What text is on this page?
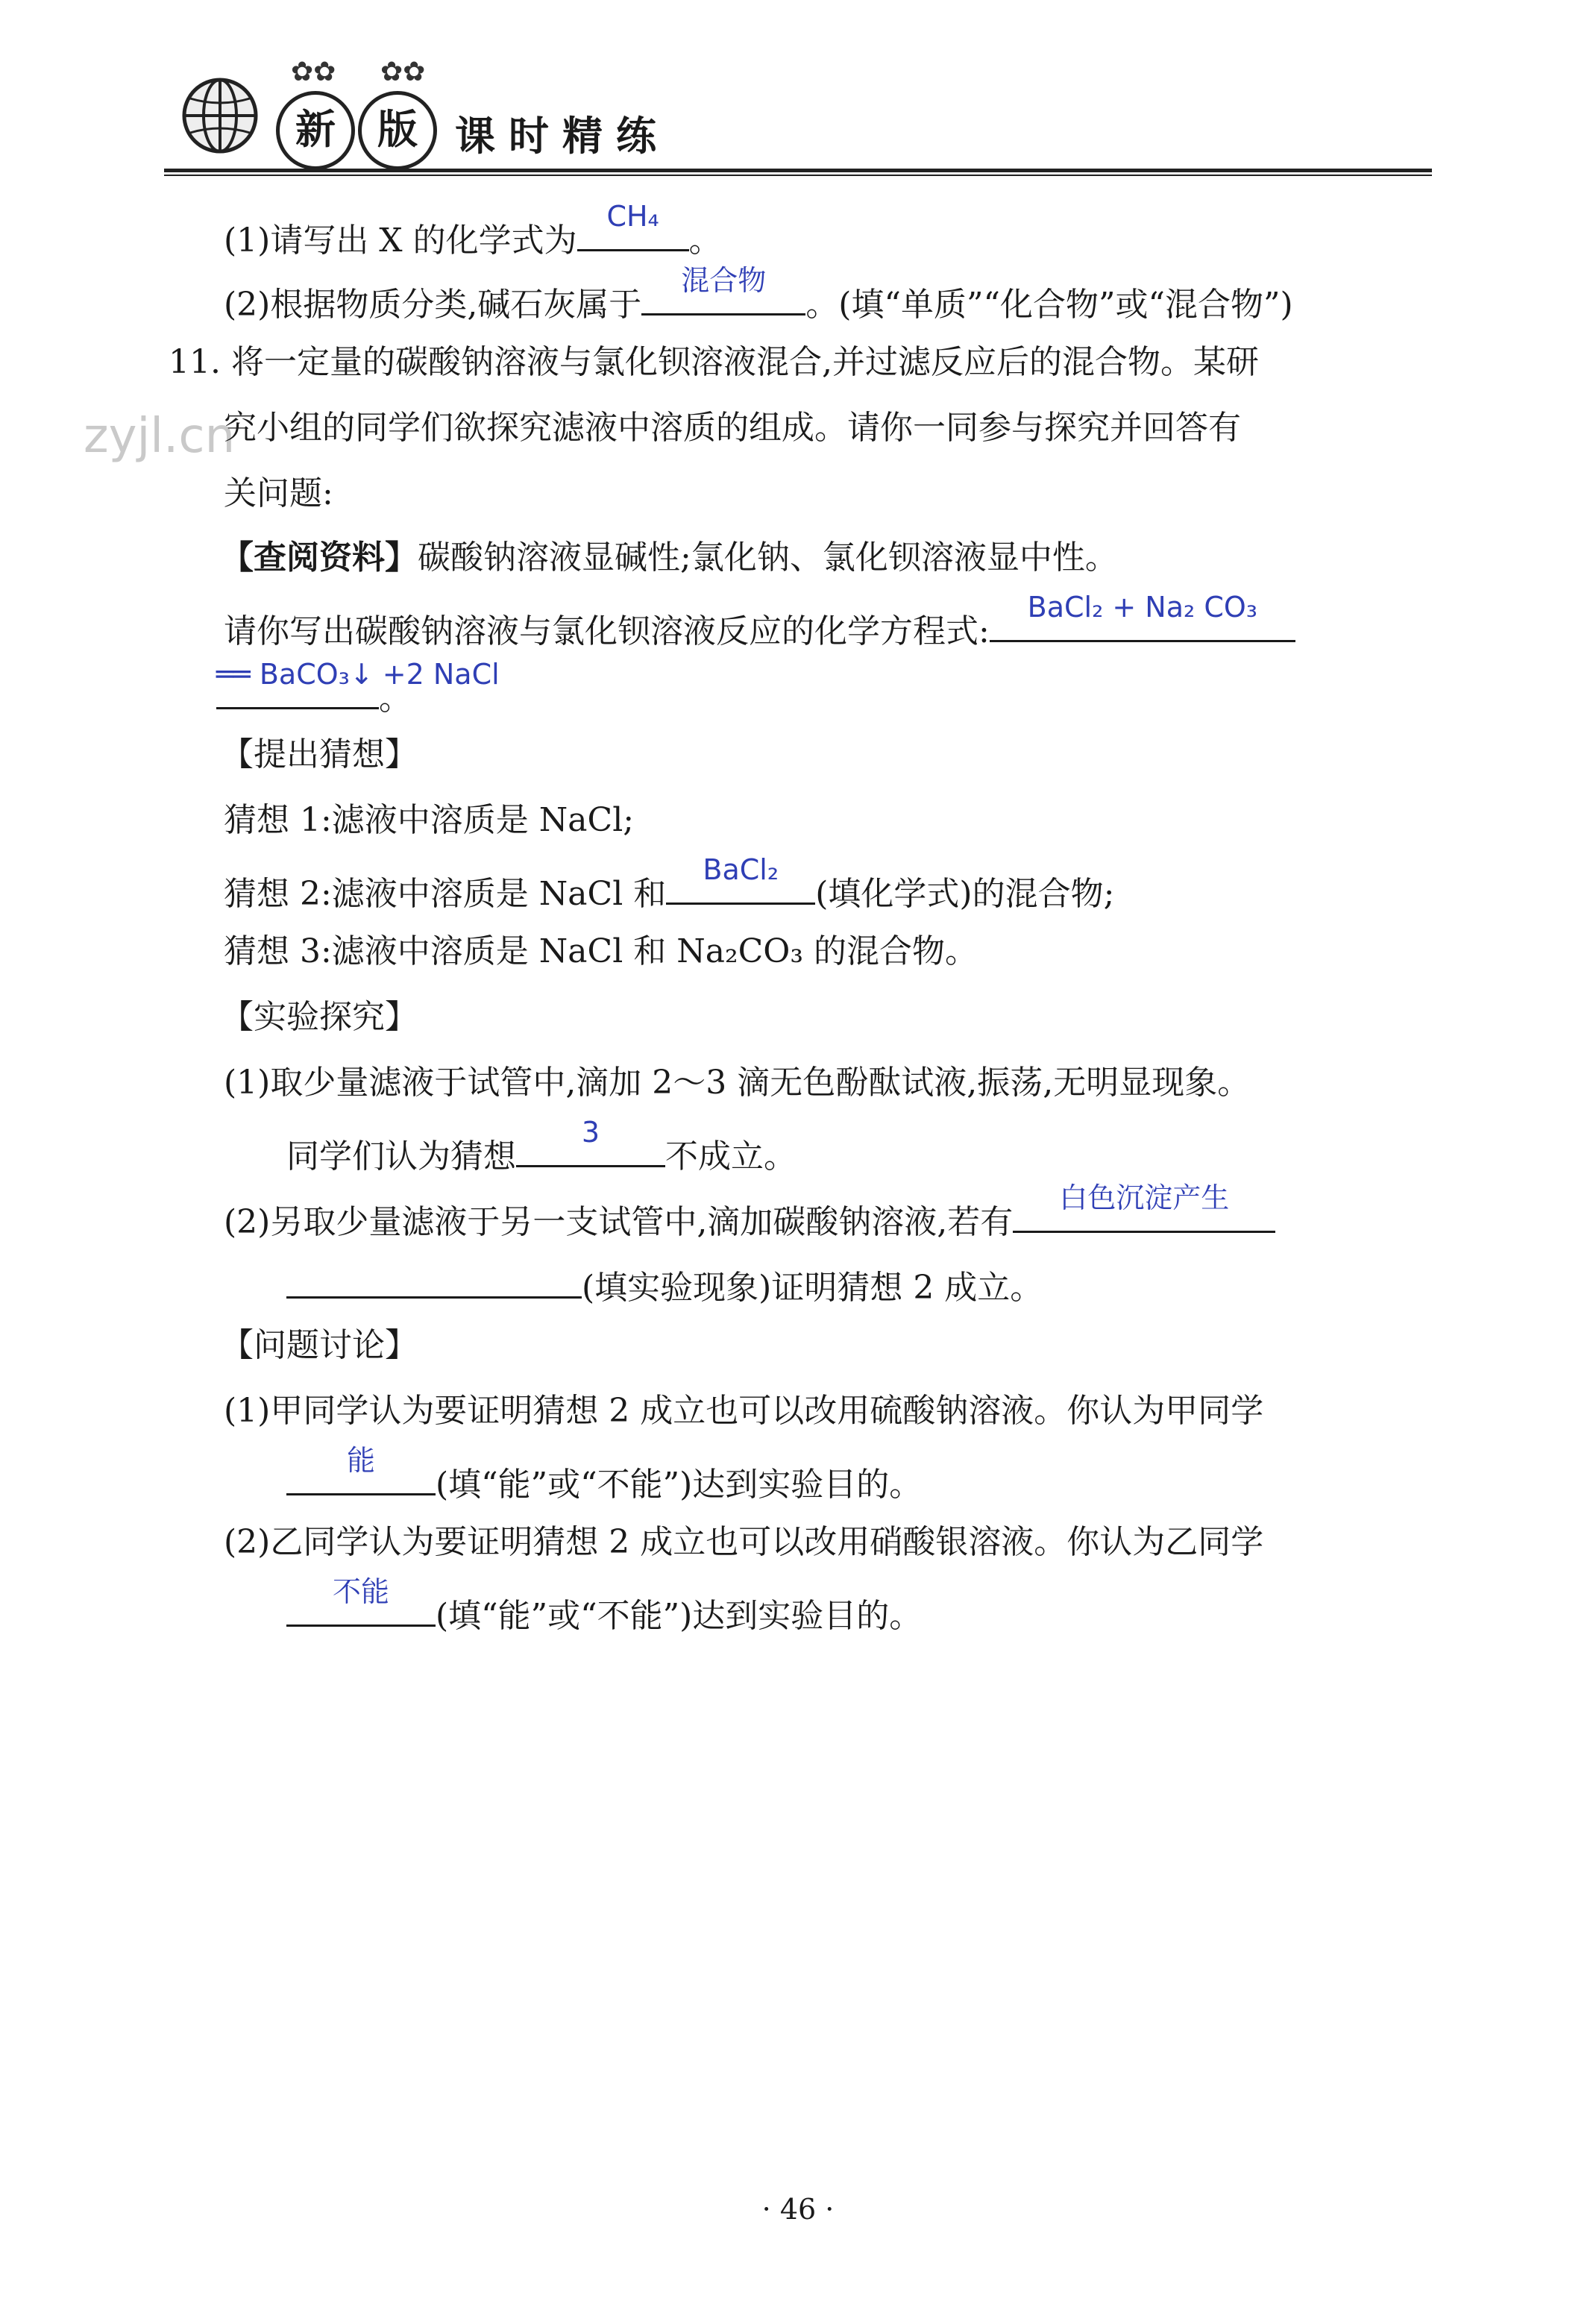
✿✿ ✿✿
新	版 课时精练
zyjl.cn
(1)请写出 X 的化学式为
CH₄
。
(2)根据物质分类,碱石灰属于
混合物
。(填“单质”“化合物”或“混合物”)
11. 将一定量的碳酸钠溶液与氯化钡溶液混合,并过滤反应后的混合物。某研
究小组的同学们欲探究滤液中溶质的组成。请你一同参与探究并回答有
关问题:
【查阅资料】碳酸钠溶液显碱性;氯化钠、氯化钡溶液显中性。
请你写出碳酸钠溶液与氯化钡溶液反应的化学方程式:
BaCl₂ + Na₂ CO₃
══ BaCO₃↓ +2 NaCl
。
【提出猜想】
猜想 1:滤液中溶质是 NaCl;
猜想 2:滤液中溶质是 NaCl 和
BaCl₂
(填化学式)的混合物;
猜想 3:滤液中溶质是 NaCl 和 Na₂CO₃ 的混合物。
【实验探究】
(1)取少量滤液于试管中,滴加 2～3 滴无色酚酞试液,振荡,无明显现象。
同学们认为猜想
3
不成立。
(2)另取少量滤液于另一支试管中,滴加碳酸钠溶液,若有
白色沉淀产生
(填实验现象)证明猜想 2 成立。
【问题讨论】
(1)甲同学认为要证明猜想 2 成立也可以改用硫酸钠溶液。你认为甲同学
能
(填“能”或“不能”)达到实验目的。
(2)乙同学认为要证明猜想 2 成立也可以改用硝酸银溶液。你认为乙同学
不能
(填“能”或“不能”)达到实验目的。
· 46 ·
